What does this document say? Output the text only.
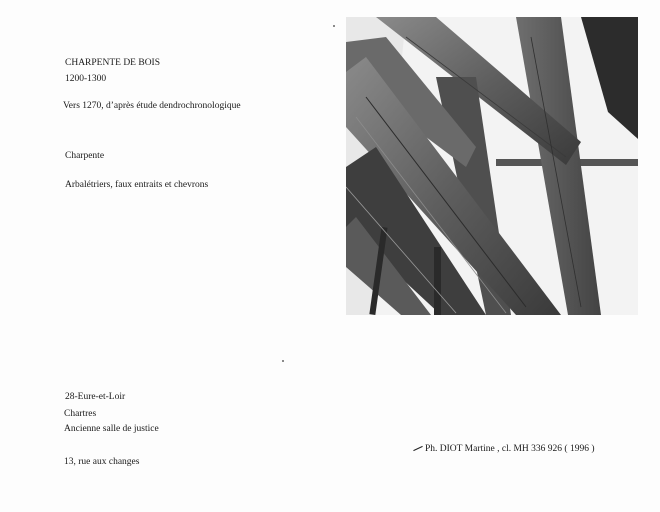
CHARPENTE DE BOIS

1200-1300

Vers 1270, d’après étude dendrochronologique

Charpente

Arbalétriers, faux entraits et chevrons

28-Eure-et-Loir

Chartres

Ancienne salle de justice

13, rue aux changes

Ph. DIOT Martine , cl. MH 336 926 ( 1996 )
